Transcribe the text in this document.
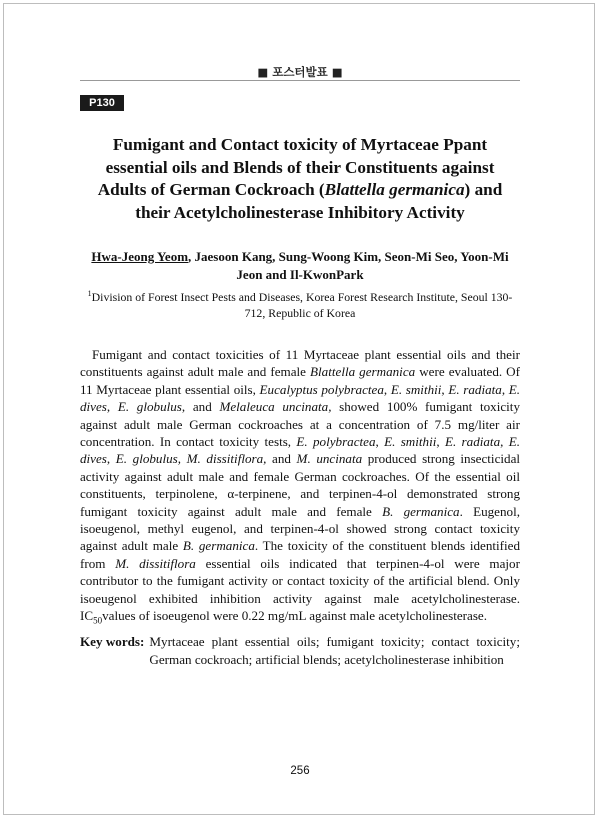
■ 포스터발표 ■
P130
Fumigant and Contact toxicity of Myrtaceae Ppant essential oils and Blends of their Constituents against Adults of German Cockroach (Blattella germanica) and their Acetylcholinesterase Inhibitory Activity
Hwa-Jeong Yeom, Jaesoon Kang, Sung-Woong Kim, Seon-Mi Seo, Yoon-Mi Jeon and Il-KwonPark
$^1$Division of Forest Insect Pests and Diseases, Korea Forest Research Institute, Seoul 130-712, Republic of Korea

Fumigant and contact toxicities of 11 Myrtaceae plant essential oils and their constituents against adult male and female Blattella germanica were evaluated. Of 11 Myrtaceae plant essential oils, Eucalyptus polybractea, E. smithii, E. radiata, E. dives, E. globulus, and Melaleuca uncinata, showed 100% fumigant toxicity against adult male German cockroaches at a concentration of 7.5 mg/liter air concentration. In contact toxicity tests, E. polybractea, E. smithii, E. radiata, E. dives, E. globulus, M. dissitiflora, and M. uncinata produced strong insecticidal activity against adult male and female German cockroaches. Of the essential oil constituents, terpinolene, α-terpinene, and terpinen-4-ol demonstrated strong fumigant toxicity against adult male and female B. germanica. Eugenol, isoeugenol, methyl eugenol, and terpinen-4-ol showed strong contact toxicity against adult male B. germanica. The toxicity of the constituent blends identified from M. dissitiflora essential oils indicated that terpinen-4-ol were major contributor to the fumigant activity or contact toxicity of the artificial blend. Only isoeugenol exhibited inhibition activity against male acetylcholinesterase. $IC_{50}values$ of isoeugenol were 0.22 mg/mL against male acetylcholinesterase.

Key words: Myrtaceae plant essential oils; fumigant toxicity; contact toxicity; German cockroach; artificial blends; acetylcholinesterase inhibition
256
